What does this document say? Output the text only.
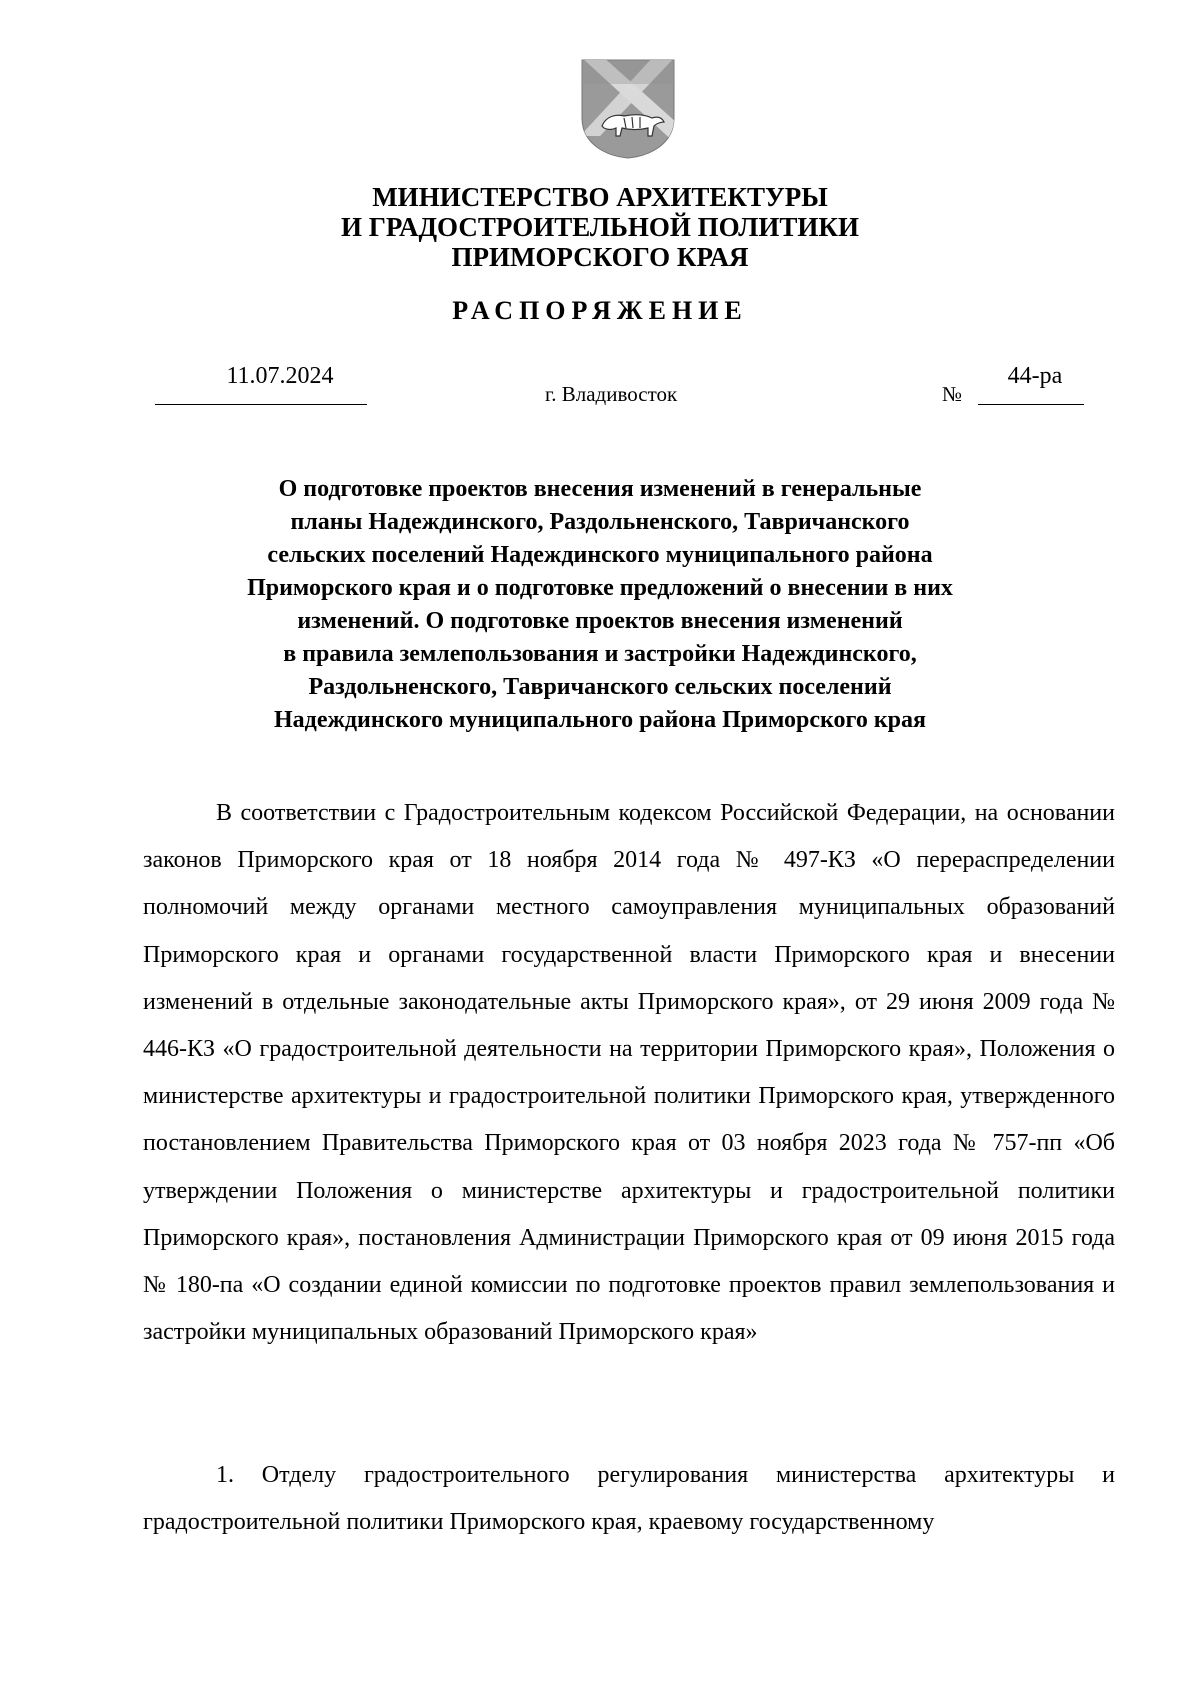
МИНИСТЕРСТВО АРХИТЕКТУРЫ
И ГРАДОСТРОИТЕЛЬНОЙ ПОЛИТИКИ
ПРИМОРСКОГО КРАЯ
РАСПОРЯЖЕНИЕ
11.07.2024
г. Владивосток	№
44-ра
О подготовке проектов внесения изменений в генеральные
планы Надеждинского, Раздольненского, Тавричанского
сельских поселений Надеждинского муниципального района
Приморского края и о подготовке предложений о внесении в них
изменений. О подготовке проектов внесения изменений
в правила землепользования и застройки Надеждинского,
Раздольненского, Тавричанского сельских поселений
Надеждинского муниципального района Приморского края
В соответствии с Градостроительным кодексом Российской Федерации, на основании законов Приморского края от 18 ноября 2014 года № 497-КЗ «О перераспределении полномочий между органами местного самоуправления муниципальных образований Приморского края и органами государственной власти Приморского края и внесении изменений в отдельные законодательные акты Приморского края», от 29 июня 2009 года № 446-КЗ «О градостроительной деятельности на территории Приморского края», Положения о министерстве архитектуры и градостроительной политики Приморского края, утвержденного постановлением Правительства Приморского края от 03 ноября 2023 года № 757-пп «Об утверждении Положения о министерстве архитектуры и градостроительной политики Приморского края», постановления Администрации Приморского края от 09 июня 2015 года № 180-па «О создании единой комиссии по подготовке проектов правил землепользования и застройки муниципальных образований Приморского края»
1. Отделу градостроительного регулирования министерства архитектуры и градостроительной политики Приморского края, краевому государственному
